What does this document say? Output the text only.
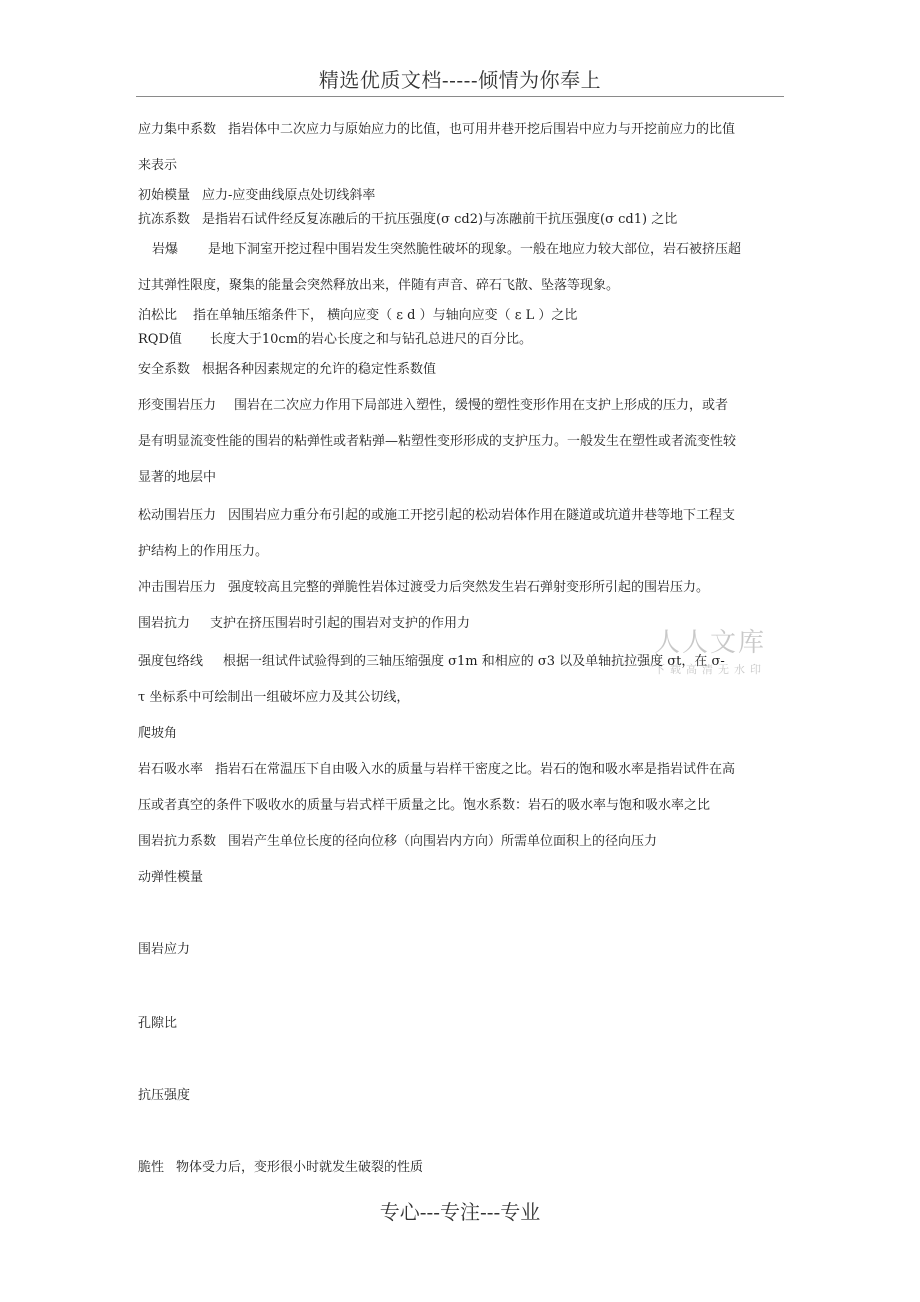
精选优质文档-----倾情为你奉上
人人文库
下载高清无水印
应力集中系数 指岩体中二次应力与原始应力的比值，也可用井巷开挖后围岩中应力与开挖前应力的比值
来表示
初始模量 应力-应变曲线原点处切线斜率
抗冻系数 是指岩石试件经反复冻融后的干抗压强度(σ cd2)与冻融前干抗压强度(σ cd1) 之比
岩爆 是地下洞室开挖过程中围岩发生突然脆性破坏的现象。一般在地应力较大部位，岩石被挤压超
过其弹性限度，聚集的能量会突然释放出来，伴随有声音、碎石飞散、坠落等现象。
泊松比 指在单轴压缩条件下， 横向应变（ ε d ）与轴向应变（ ε L ）之比
RQD值 长度大于10cm的岩心长度之和与钻孔总进尺的百分比。
安全系数 根据各种因素规定的允许的稳定性系数值
形变围岩压力 围岩在二次应力作用下局部进入塑性，缓慢的塑性变形作用在支护上形成的压力，或者
是有明显流变性能的围岩的粘弹性或者粘弹—粘塑性变形形成的支护压力。一般发生在塑性或者流变性较
显著的地层中
松动围岩压力 因围岩应力重分布引起的或施工开挖引起的松动岩体作用在隧道或坑道井巷等地下工程支
护结构上的作用压力。
冲击围岩压力 强度较高且完整的弹脆性岩体过渡受力后突然发生岩石弹射变形所引起的围岩压力。
围岩抗力 支护在挤压围岩时引起的围岩对支护的作用力
强度包络线 根据一组试件试验得到的三轴压缩强度 σ1m 和相应的 σ3 以及单轴抗拉强度 σt，在 σ-
τ 坐标系中可绘制出一组破坏应力及其公切线，
爬坡角
岩石吸水率 指岩石在常温压下自由吸入水的质量与岩样干密度之比。岩石的饱和吸水率是指岩试件在高
压或者真空的条件下吸收水的质量与岩式样干质量之比。饱水系数：岩石的吸水率与饱和吸水率之比
围岩抗力系数 围岩产生单位长度的径向位移（向围岩内方向）所需单位面积上的径向压力
动弹性模量
围岩应力
孔隙比
抗压强度
脆性 物体受力后，变形很小时就发生破裂的性质
专心---专注---专业
